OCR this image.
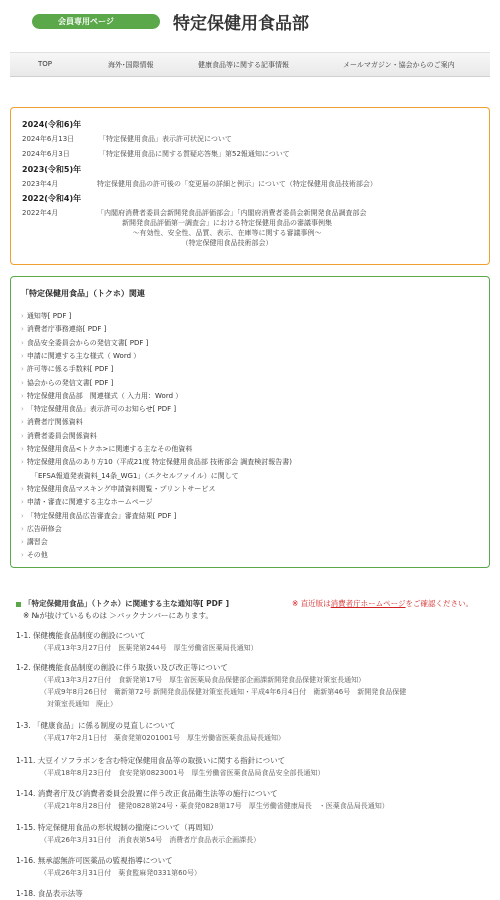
会員専用ページ	特定保健用食品部
TOP	海外･国際情報	健康食品等に関する記事情報	メールマガジン・協会からのご案内
2024(令和6)年
2024年6月13日	「特定保健用食品」表示許可状況について
2024年6月3日	「特定保健用食品に関する質疑応答集」第52報通知について
2023(令和5)年
2023年4月	特定保健用食品の許可後の「変更届の詳細と例示」について（特定保健用食品技術部会）
2022(令和4)年
2022年4月	「内閣府消費者委員会新開発食品評価部会」「内閣府消費者委員会新開発食品調査部会
新開発食品評価第一調査会」における特定保健用食品の審議事例集
～有効性、安全性、品質、表示、在庫等に関する審議事例～
（特定保健用食品技術部会）
「特定保健用食品」（トクホ）関連
› 通知等[ PDF ]
› 消費者庁事務連絡[ PDF ]
› 食品安全委員会からの発信文書[ PDF ]
› 申請に関連する主な様式（ Word ）
› 許可等に係る手数料[ PDF ]
› 協会からの発信文書[ PDF ]
› 特定保健用食品部　関連様式（ 入力用：Word ）
› 「特定保健用食品」表示許可のお知らせ[ PDF ]
› 消費者庁関係資料
› 消費者委員会関係資料
› 特定保健用食品<トクホ>に関連する主なその他資料
› 特定保健用食品のあり方10（平成21度 特定保健用食品部 技術部会 調査検討報告書)
「EFSA報道発表資料_14条_WG1」（エクセルファイル）に関して
› 特定保健用食品マスキング申請資料閲覧・プリントサービス
› 申請・審査に関連する主なホームページ
› 「特定保健用食品広告審査会」審査結果[ PDF ]
› 広告研修会
› 講習会
› その他
「特定保健用食品」（トクホ）に関連する主な通知等[ PDF ]	※ 直近版は消費者庁ホームページをご確認ください。
※ №が抜けているものは ＞バックナンバーにあります。
1-1. 保健機能食品制度の創設について
（平成13年3月27日付　医薬発第244号　厚生労働省医薬局長通知）
1-2. 保健機能食品制度の創設に伴う取扱い及び改正等について
（平成13年3月27日付　食新発第17号　厚生省医薬局食品保健部企画課新開発食品保健対策室長通知）
（平成9年8月26日付　衛新第72号 新開発食品保健対策室長通知・平成4年6月4日付　衛新第46号　新開発食品保健
　対策室長通知　廃止）
1-3. 「健康食品」に係る制度の見直しについて
（平成17年2月1日付　薬食発第0201001号　厚生労働省医薬食品局長通知）
1-11. 大豆イソフラボンを含む特定保健用食品等の取扱いに関する指針について
（平成18年8月23日付　食安発第0823001号　厚生労働省医薬食品局食品安全部長通知）
1-14. 消費者庁及び消費者委員会設置に伴う改正食品衛生法等の施行について
（平成21年8月28日付　健発0828第24号・薬食発0828第17号　厚生労働省健康局長　・医薬食品局長通知）
1-15. 特定保健用食品の形状規制の撤廃について（再周知）
（平成26年3月31日付　消食表第54号　消費者庁食品表示企画課長）
1-16. 無承認無許可医薬品の監視指導について
（平成26年3月31日付　薬食監麻発0331第60号）
1-18. 食品表示法等
